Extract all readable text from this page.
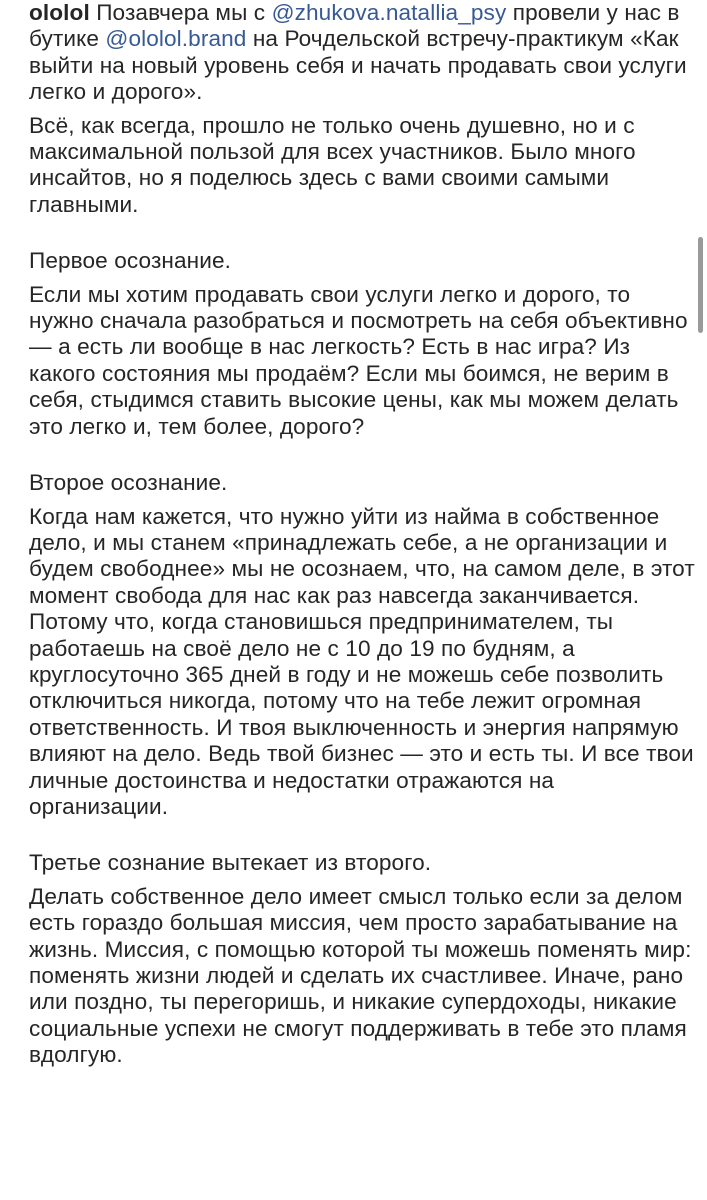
ololol Позавчера мы с @zhukova.natallia_psy провели у нас в бутике @ololol.brand на Рочдельской встречу-практикум «Как выйти на новый уровень себя и начать продавать свои услуги легко и дорого».

Всё, как всегда, прошло не только очень душевно, но и с максимальной пользой для всех участников. Было много инсайтов, но я поделюсь здесь с вами своими самыми главными.

Первое осознание.

Если мы хотим продавать свои услуги легко и дорого, то нужно сначала разобраться и посмотреть на себя объективно — а есть ли вообще в нас легкость? Есть в нас игра? Из какого состояния мы продаём? Если мы боимся, не верим в себя, стыдимся ставить высокие цены, как мы можем делать это легко и, тем более, дорого?

Второе осознание.

Когда нам кажется, что нужно уйти из найма в собственное дело, и мы станем «принадлежать себе, а не организации и будем свободнее» мы не осознаем, что, на самом деле, в этот момент свобода для нас как раз навсегда заканчивается. Потому что, когда становишься предпринимателем, ты работаешь на своё дело не с 10 до 19 по будням, а круглосуточно 365 дней в году и не можешь себе позволить отключиться никогда, потому что на тебе лежит огромная ответственность. И твоя выключенность и энергия напрямую влияют на дело. Ведь твой бизнес — это и есть ты. И все твои личные достоинства и недостатки отражаются на организации.

Третье сознание вытекает из второго.

Делать собственное дело имеет смысл только если за делом есть гораздо большая миссия, чем просто зарабатывание на жизнь. Миссия, с помощью которой ты можешь поменять мир: поменять жизни людей и сделать их счастливее. Иначе, рано или поздно, ты перегоришь, и никакие супердоходы, никакие социальные успехи не смогут поддерживать в тебе это пламя вдолгую.
